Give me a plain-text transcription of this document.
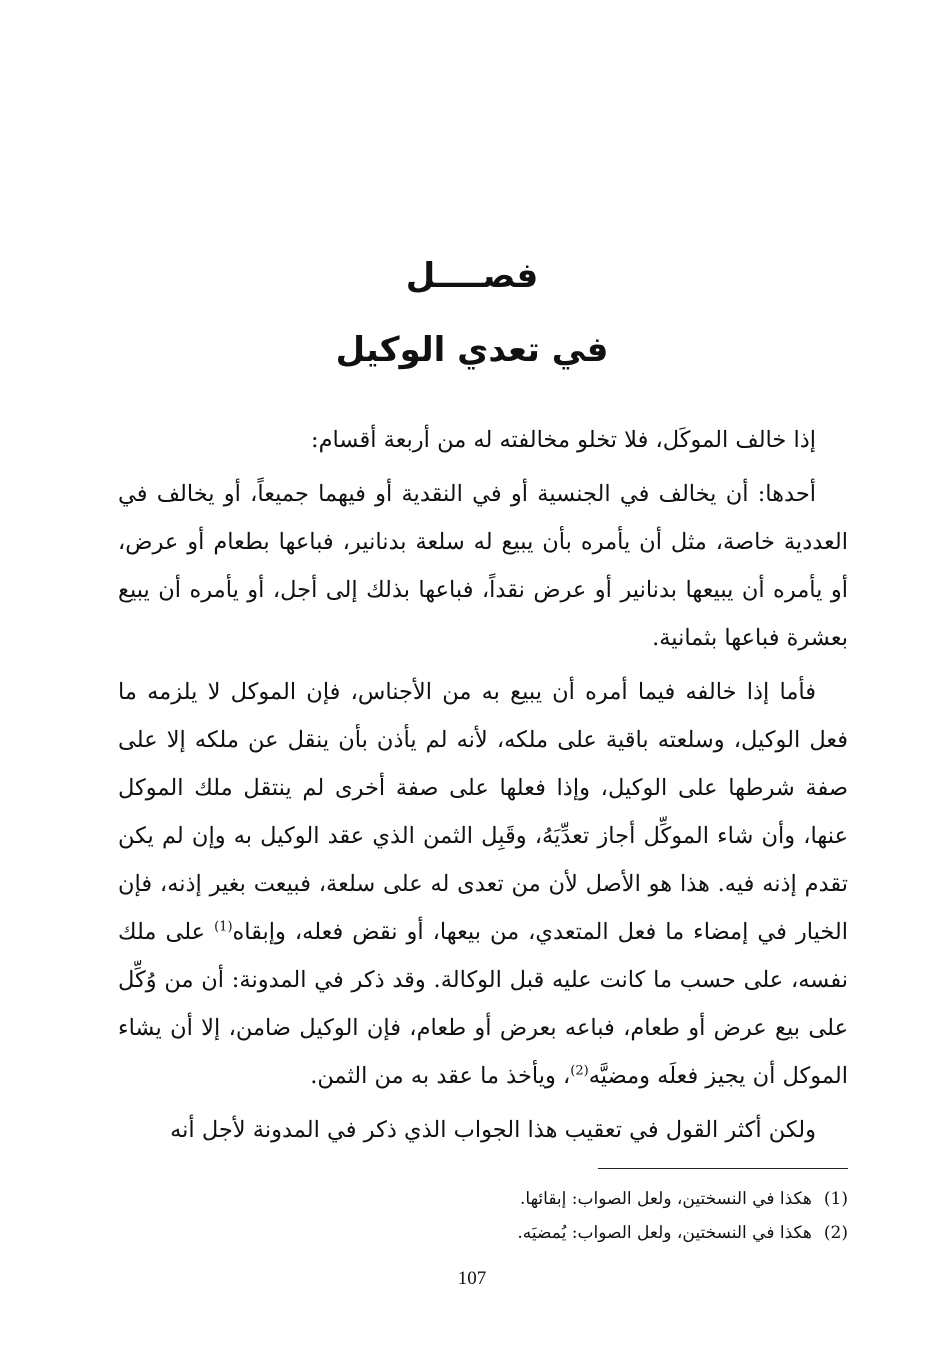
فصــــل
في تعدي الوكيل

إذا خالف الموكَل، فلا تخلو مخالفته له من أربعة أقسام:

أحدها: أن يخالف في الجنسية أو في النقدية أو فيهما جميعاً، أو يخالف في العددية خاصة، مثل أن يأمره بأن يبيع له سلعة بدنانير، فباعها بطعام أو عرض، أو يأمره أن يبيعها بدنانير أو عرض نقداً، فباعها بذلك إلى أجل، أو يأمره أن يبيع بعشرة فباعها بثمانية.

فأما إذا خالفه فيما أمره أن يبيع به من الأجناس، فإن الموكل لا يلزمه ما فعل الوكيل، وسلعته باقية على ملكه، لأنه لم يأذن بأن ينقل عن ملكه إلا على صفة شرطها على الوكيل، وإذا فعلها على صفة أخرى لم ينتقل ملك الموكل عنها، وأن شاء الموكِّل أجاز تعدِّيَهُ، وقَبِل الثمن الذي عقد الوكيل به وإن لم يكن تقدم إذنه فيه. هذا هو الأصل لأن من تعدى له على سلعة، فبيعت بغير إذنه، فإن الخيار في إمضاء ما فعل المتعدي، من بيعها، أو نقض فعله، وإبقاه$^{(1)}$ على ملك نفسه، على حسب ما كانت عليه قبل الوكالة. وقد ذكر في المدونة: أن من وُكِّل على بيع عرض أو طعام، فباعه بعرض أو طعام، فإن الوكيل ضامن، إلا أن يشاء الموكل أن يجيز فعلَه ومضيَّه$^{(2)}$، ويأخذ ما عقد به من الثمن.

ولكن أكثر القول في تعقيب هذا الجواب الذي ذكر في المدونة لأجل أنه

(1)هكذا في النسختين، ولعل الصواب: إبقائها.
(2)هكذا في النسختين، ولعل الصواب: يُمضيَه.
107
